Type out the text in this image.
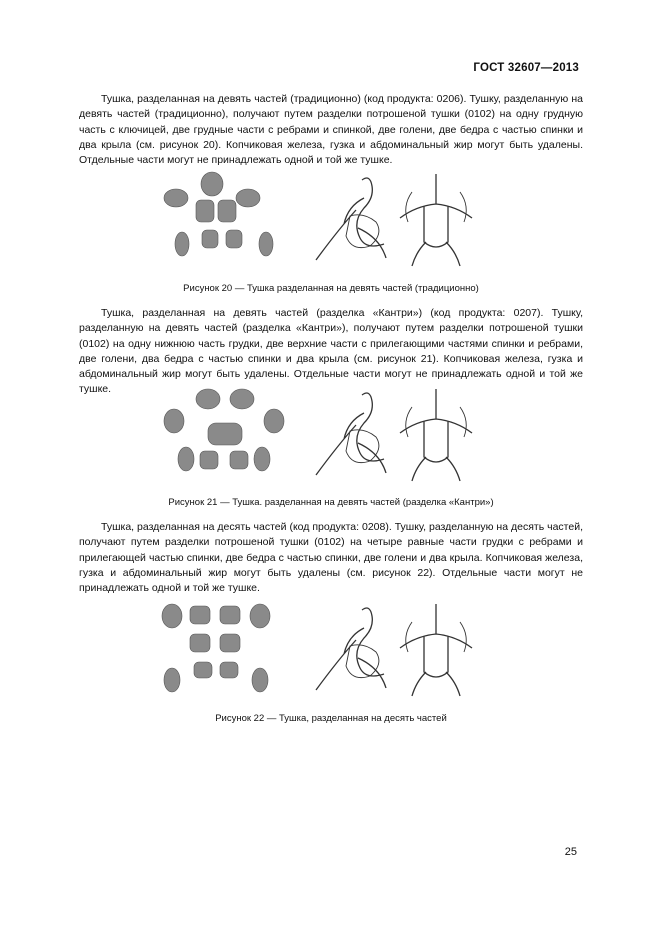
ГОСТ 32607—2013

Тушка, разделанная на девять частей (традиционно) (код продукта: 0206). Тушку, разделанную на девять частей (традиционно), получают путем разделки потрошеной тушки (0102) на одну грудную часть с ключицей, две грудные части с ребрами и спинкой, две голени, две бедра с частью спинки и два крыла (см. рисунок 20). Копчиковая железа, гузка и абдоминальный жир могут быть удалены. Отдельные части могут не принадлежать одной и той же тушке.

Рисунок 20 — Тушка разделанная на девять частей (традиционно)

Тушка, разделанная на девять частей (разделка «Кантри») (код продукта: 0207). Тушку, разделанную на девять частей (разделка «Кантри»), получают путем разделки потрошеной тушки (0102) на одну нижнюю часть грудки, две верхние части с прилегающими частями спинки и ребрами, две голени, два бедра с частью спинки и два крыла (см. рисунок 21). Копчиковая железа, гузка и абдоминальный жир могут быть удалены. Отдельные части могут не принадлежать одной и той же тушке.

Рисунок 21 — Тушка. разделанная на девять частей (разделка «Кантри»)

Тушка, разделанная на десять частей (код продукта: 0208). Тушку, разделанную на десять частей, получают путем разделки потрошеной тушки (0102) на четыре равные части грудки с ребрами и прилегающей частью спинки, две бедра с частью спинки, две голени и два крыла. Копчиковая железа, гузка и абдоминальный жир могут быть удалены (см. рисунок 22). Отдельные части могут не принадлежать одной и той же тушке.

Рисунок 22 — Тушка, разделанная на десять частей

25
